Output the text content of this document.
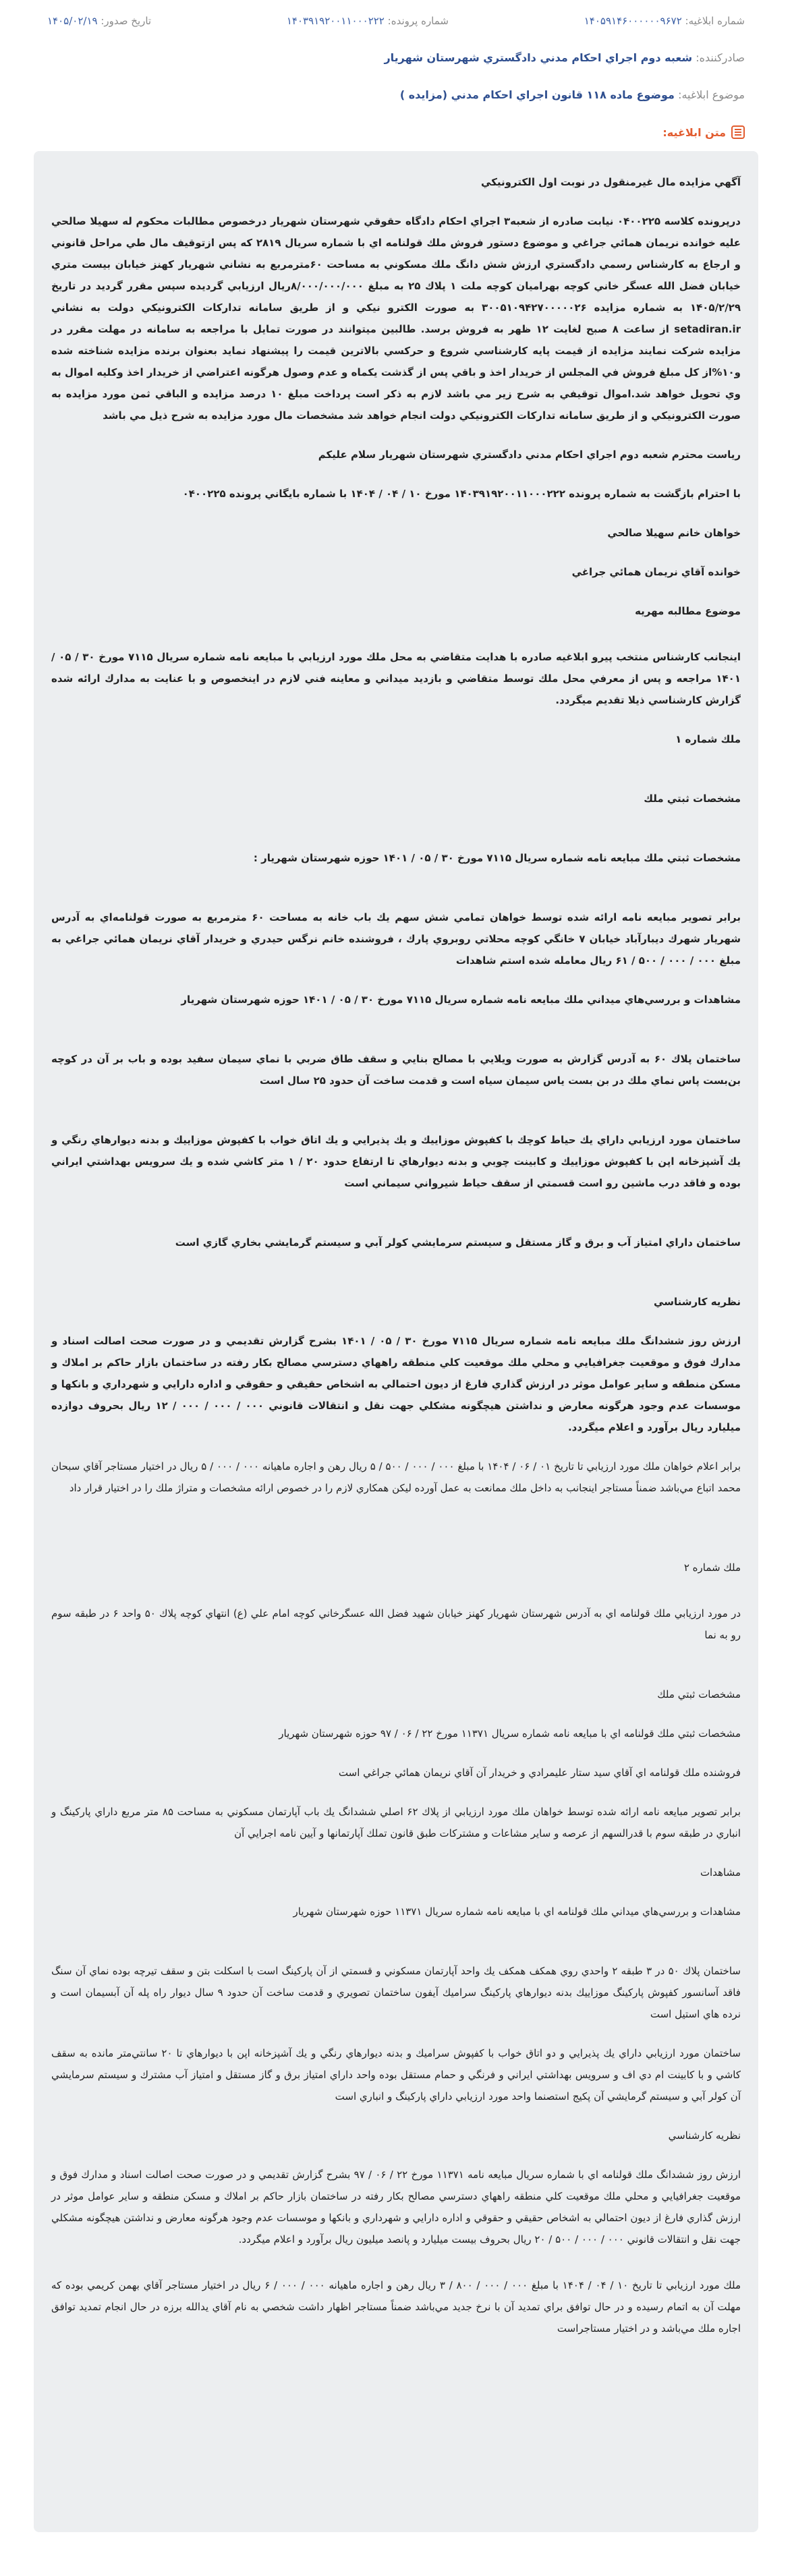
شماره ابلاغیه: ۱۴۰۵۹۱۴۶۰۰۰۰۰۰۹۶۷۲
شماره پرونده: ۱۴۰۳۹۱۹۲۰۰۱۱۰۰۰۲۲۲
تاریخ صدور: ۱۴۰۵/۰۲/۱۹
صادرکننده: شعبه دوم اجراي احكام مدني دادگستري شهرستان شهريار
موضوع ابلاغیه: موضوع ماده ۱۱۸ قانون اجراي احكام مدني (مزايده )
متن ابلاغیه:

آگهي مزايده مال غيرمنقول در نوبت اول الكترونيكي

درپرونده كلاسه ۰۴۰۰۲۲۵ نيابت صادره از شعبه۳ اجراي احكام دادگاه حقوقي شهرستان شهريار درخصوص مطالبات محكوم له سهيلا صالحي عليه خوانده نريمان همائي جراغي و موضوع دستور فروش ملك قولنامه اي با شماره سريال ۲۸۱۹ كه پس ازتوقيف مال طي مراحل قانوني و ارجاع به كارشناس رسمي دادگستري ارزش شش دانگ ملك مسكوني به مساحت ۶۰مترمربع به نشاني شهريار كهنز خيابان بيست متري خيابان فضل الله عسگر خاني كوچه بهرامیان كوچه ملت ۱ پلاك ۲۵ به مبلغ ۸/۰۰۰/۰۰۰/۰۰۰ريال ارزيابي گرديده سپس مقرر گرديد در تاريخ ۱۴۰۵/۲/۲۹ به شماره مزايده ۳۰۰۵۱۰۹۴۲۷۰۰۰۰۰۲۶ به صورت الكترو نيكي و از طريق سامانه تداركات الكترونيكي دولت به نشاني setadiran.ir از ساعت ۸ صبح لغايت ۱۲ ظهر به فروش برسد. طالبين ميتوانند در صورت تمايل با مراجعه به سامانه در مهلت مقرر در مزايده شركت نمايند مزايده از قيمت پايه كارشناسي شروع و حركسي بالاترين قيمت را پيشنهاد نمايد بعنوان برنده مزايده شناخته شده و۱۰%از كل مبلغ فروش في المجلس از خريدار اخذ و باقي پس از گذشت يكماه و عدم وصول هرگونه اعتراضي از خريدار اخذ وكليه اموال به وي تحويل خواهد شد.اموال توقيفي به شرح زير مي باشد لازم به ذكر است پرداخت مبلغ ۱۰ درصد مزايده و الباقي ثمن مورد مزايده به صورت الكترونيكي و از طريق سامانه تداركات الكترونيكي دولت انجام خواهد شد مشخصات مال مورد مزايده به شرح ذيل مي باشد

رياست محترم شعبه دوم اجراي احكام مدني دادگستري شهرستان شهريار سلام عليكم

با احترام بازگشت به شماره پرونده ۱۴۰۳۹۱۹۲۰۰۱۱۰۰۰۲۲۲ مورخ ۱۰ / ۰۴ / ۱۴۰۴ با شماره بايگاني پرونده ۰۴۰۰۲۲۵

خواهان خانم سهيلا صالحي

خوانده آقاي نريمان همائي جراغي

موضوع مطالبه مهريه

اينجانب كارشناس منتخب پيرو ابلاغيه صادره با هدايت متقاضي به محل ملك مورد ارزيابي با مبايعه نامه شماره سريال ۷۱۱۵ مورخ ۳۰ / ۰۵ / ۱۴۰۱ مراجعه و پس از معرفي محل ملك توسط متقاضي و بازديد ميداني و معاينه فني لازم در اينخصوص و با عنايت به مدارك ارائه شده گزارش كارشناسي ذيلا تقديم ميگردد.

ملك شماره ۱

مشخصات ثبتي ملك

مشخصات ثبتي ملك مبايعه نامه شماره سريال ۷۱۱۵ مورخ ۳۰ / ۰۵ / ۱۴۰۱ حوزه شهرستان شهريار :

برابر تصوير مبايعه نامه ارائه شده توسط خواهان تمامي شش سهم يك باب خانه به مساحت ۶۰ مترمربع به صورت قولنامه‌اي به آدرس شهريار شهرك ديبارآباد خيابان ۷ خانگي كوچه محلاتي روبروي پارك ، فروشنده خانم نرگس حيدري و خريدار آقاي نريمان همائي جراغي به مبلغ ۰۰۰ / ۰۰۰ / ۵۰۰ / ۶۱ ريال معامله شده استم شاهدات

مشاهدات و بررسي‌هاي ميداني ملك مبايعه نامه شماره سريال ۷۱۱۵ مورخ ۳۰ / ۰۵ / ۱۴۰۱ حوزه شهرستان شهريار

ساختمان پلاك ۶۰ به آدرس گزارش به صورت ويلايي با مصالح بنايي و سقف طاق ضربي با نماي سيمان سفيد بوده و باب بر آن در كوچه بن‌بست پاس نماي ملك در بن بست ياس سيمان سياه است و قدمت ساخت آن حدود ۲۵ سال است

ساختمان مورد ارزيابي داراي يك حياط كوچك با كفپوش موزاييك و يك پذيرايي و يك اتاق خواب با كفپوش موزاييك و بدنه ديوارهاي رنگي و يك آشپزخانه اپن با كفپوش موزاييك و كابينت چوبي و بدنه ديوارهاي تا ارتفاع حدود ۲۰ / ۱ متر كاشي شده و يك سرويس بهداشتي ايراني بوده و فاقد درب ماشين رو است قسمتي از سقف حياط شيرواني سيماني است

ساختمان داراي امتياز آب و برق و گاز مستقل و سيستم سرمايشي كولر آبي و سيستم گرمايشي بخاري گازي است

نظريه كارشناسي

ارزش روز ششدانگ ملك مبايعه نامه شماره سريال ۷۱۱۵ مورخ ۳۰ / ۰۵ / ۱۴۰۱ بشرح گزارش تقديمي و در صورت صحت اصالت اسناد و مدارك فوق و موقعيت جغرافيايي و محلي ملك موقعيت كلي منطقه راههاي دسترسي مصالح بكار رفته در ساختمان بازار حاكم بر املاك و مسكن منطقه و ساير عوامل موثر در ارزش گذاري فارغ از ديون احتمالي به اشخاص حقيقي و حقوقي و اداره دارايي و شهرداري و بانكها و موسسات عدم وجود هرگونه معارض و نداشتن هيچگونه مشكلي جهت نقل و انتقالات قانوني ۰۰۰ / ۰۰۰ / ۰۰۰ / ۱۲ ريال بحروف دوازده ميليارد ريال برآورد و اعلام ميگردد.

برابر اعلام خواهان ملك مورد ارزيابي تا تاريخ ۰۱ / ۰۶ / ۱۴۰۴ با مبلغ ۰۰۰ / ۰۰۰ / ۵۰۰ / ۵ ريال رهن و اجاره ماهيانه ۰۰۰ / ۰۰۰ / ۵ ريال در اختيار مستاجر آقاي سبحان محمد اتباع مي‌باشد ضمناً مستاجر اينجانب به داخل ملك ممانعت به عمل آورده ليكن همكاري لازم را در خصوص ارائه مشخصات و متراژ ملك را در اختيار قرار داد

ملك شماره ۲

در مورد ارزيابي ملك قولنامه اي به آدرس شهرستان شهريار كهنز خيابان شهيد فضل الله عسگرخاني كوچه امام علي (ع) انتهاي كوچه پلاك ۵۰ واحد ۶ در طبقه سوم رو به نما

مشخصات ثبتي ملك

مشخصات ثبتي ملك قولنامه اي با مبايعه نامه شماره سريال ۱۱۳۷۱ مورخ ۲۲ / ۰۶ / ۹۷ حوزه شهرستان شهريار

فروشنده ملك قولنامه اي آقاي سيد ستار عليمرادي و خريدار آن آقاي نريمان همائي جراغي است

برابر تصوير مبايعه نامه ارائه شده توسط خواهان ملك مورد ارزيابي از پلاك ۶۲ اصلي ششدانگ يك باب آپارتمان مسكوني به مساحت ۸۵ متر مربع داراي پاركينگ و انباري در طبقه سوم با قدرالسهم از عرصه و ساير مشاعات و مشتركات طبق قانون تملك آپارتمانها و آيين نامه اجرايي آن

مشاهدات

مشاهدات و بررسي‌هاي ميداني ملك قولنامه اي با مبايعه نامه شماره سريال ۱۱۳۷۱ حوزه شهرستان شهريار

ساختمان پلاك ۵۰ در ۳ طبقه ۲ واحدي روي همكف همكف يك واحد آپارتمان مسكوني و قسمتي از آن پاركينگ است با اسكلت بتن و سقف تيرچه بوده نماي آن سنگ فاقد آسانسور كفپوش پاركينگ موزاييك بدنه ديوارهاي پاركينگ سراميك آيفون ساختمان تصويري و قدمت ساخت آن حدود ۹ سال ديوار راه پله آن آبسيمان است و نرده هاي استيل است

ساختمان مورد ارزيابي داراي يك پذيرايي و دو اتاق خواب با كفپوش سراميك و بدنه ديوارهاي رنگي و يك آشپزخانه اپن با ديوارهاي تا ۲۰ سانتي‌متر مانده به سقف كاشي و با كابينت ام دي اف و سرويس بهداشتي ايراني و فرنگي و حمام مستقل بوده واحد داراي امتياز برق و گاز مستقل و امتياز آب مشترك و سيستم سرمايشي آن كولر آبي و سيستم گرمايشي آن پكيج استصنما واحد مورد ارزيابي داراي پاركينگ و انباري است

نظريه كارشناسي

ارزش روز ششدانگ ملك قولنامه اي با شماره سريال مبايعه نامه ۱۱۳۷۱ مورخ ۲۲ / ۰۶ / ۹۷ بشرح گزارش تقديمي و در صورت صحت اصالت اسناد و مدارك فوق و موقعيت جغرافيايي و محلي ملك موقعيت كلي منطقه راههاي دسترسي مصالح بكار رفته در ساختمان بازار حاكم بر املاك و مسكن منطقه و ساير عوامل موثر در ارزش گذاري فارغ از ديون احتمالي به اشخاص حقيقي و حقوقي و اداره دارايي و شهرداري و بانكها و موسسات عدم وجود هرگونه معارض و نداشتن هيچگونه مشكلي جهت نقل و انتقالات قانوني ۰۰۰ / ۰۰۰ / ۵۰۰ / ۲۰ ريال بحروف بيست ميليارد و پانصد ميليون ريال برآورد و اعلام ميگردد.

ملك مورد ارزيابي تا تاريخ ۱۰ / ۰۴ / ۱۴۰۴ با مبلغ ۰۰۰ / ۰۰۰ / ۸۰۰ / ۳ ريال رهن و اجاره ماهيانه ۰۰۰ / ۰۰۰ / ۶ ريال در اختيار مستاجر آقاي بهمن كريمي بوده كه مهلت آن به اتمام رسيده و در حال توافق براي تمديد آن با نرخ جديد مي‌باشد ضمناً مستاجر اظهار داشت شخصي به نام آقاي يدالله برزه در حال انجام تمديد توافق اجاره ملك مي‌باشد و در اختيار مستاجراست
